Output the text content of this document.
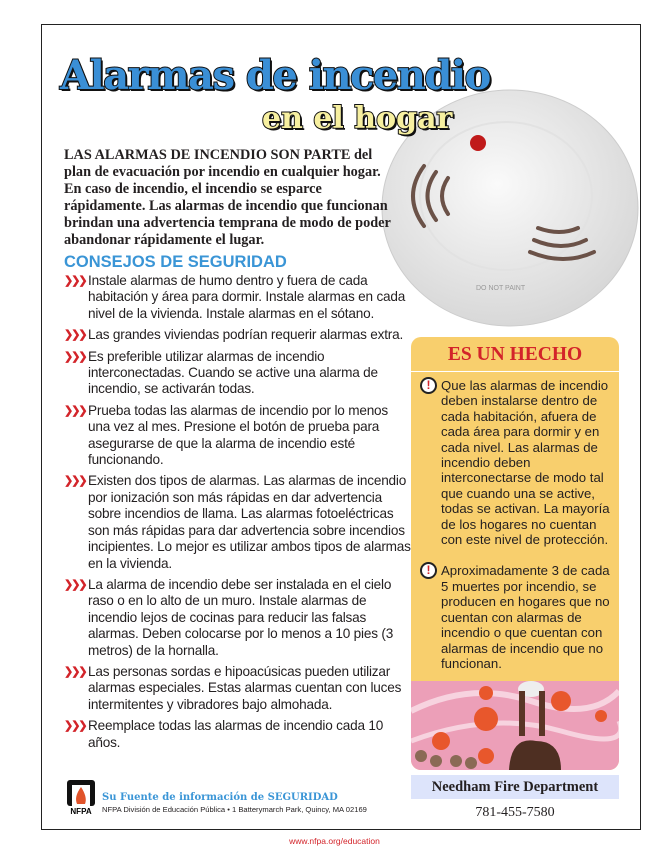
DO NOT PAINT
Alarmas de incendio
en el hogar

LAS ALARMAS DE INCENDIO SON PARTE del plan de evacuación por incendio en cualquier hogar. En caso de incendio, el incendio se esparce rápidamente. Las alarmas de incendio que funcionan brindan una advertencia temprana de modo de poder abandonar rápidamente el lugar.

CONSEJOS DE SEGURIDAD
❯❯❯ Instale alarmas de humo dentro y fuera de cada habitación y área para dormir. Instale alarmas en cada nivel de la vivienda. Instale alarmas en el sótano.
❯❯❯ Las grandes viviendas podrían requerir alarmas extra.
❯❯❯ Es preferible utilizar alarmas de incendio interconectadas. Cuando se active una alarma de incendio, se activarán todas.
❯❯❯ Prueba todas las alarmas de incendio por lo menos una vez al mes. Presione el botón de prueba para asegurarse de que la alarma de incendio esté funcionando.
❯❯❯ Existen dos tipos de alarmas. Las alarmas de incendio por ionización son más rápidas en dar advertencia sobre incendios de llama. Las alarmas fotoeléctricas son más rápidas para dar advertencia sobre incendios incipientes. Lo mejor es utilizar ambos tipos de alarmas en la vivienda.
❯❯❯ La alarma de incendio debe ser instalada en el cielo raso o en lo alto de un muro. Instale alarmas de incendio lejos de cocinas para reducir las falsas alarmas. Deben colocarse por lo menos a 10 pies (3 metros) de la hornalla.
❯❯❯ Las personas sordas e hipoacúsicas pueden utilizar alarmas especiales. Estas alarmas cuentan con luces intermitentes y vibradores bajo almohada.
❯❯❯ Reemplace todas las alarmas de incendio cada 10 años.
NFPA
Su Fuente de información de SEGURIDAD
NFPA División de Educación Pública • 1 Batterymarch Park, Quincy, MA 02169
ES UN HECHO
! Que las alarmas de incendio deben instalarse dentro de cada habitación, afuera de cada área para dormir y en cada nivel. Las alarmas de incendio deben interconectarse de modo tal que cuando una se active, todas se activan. La mayoría de los hogares no cuentan con este nivel de protección.
! Aproximadamente 3 de cada 5 muertes por incendio, se producen en hogares que no cuentan con alarmas de incendio o que cuentan con alarmas de incendio que no funcionan.
Needham Fire Department
781-455-7580
www.nfpa.org/education
